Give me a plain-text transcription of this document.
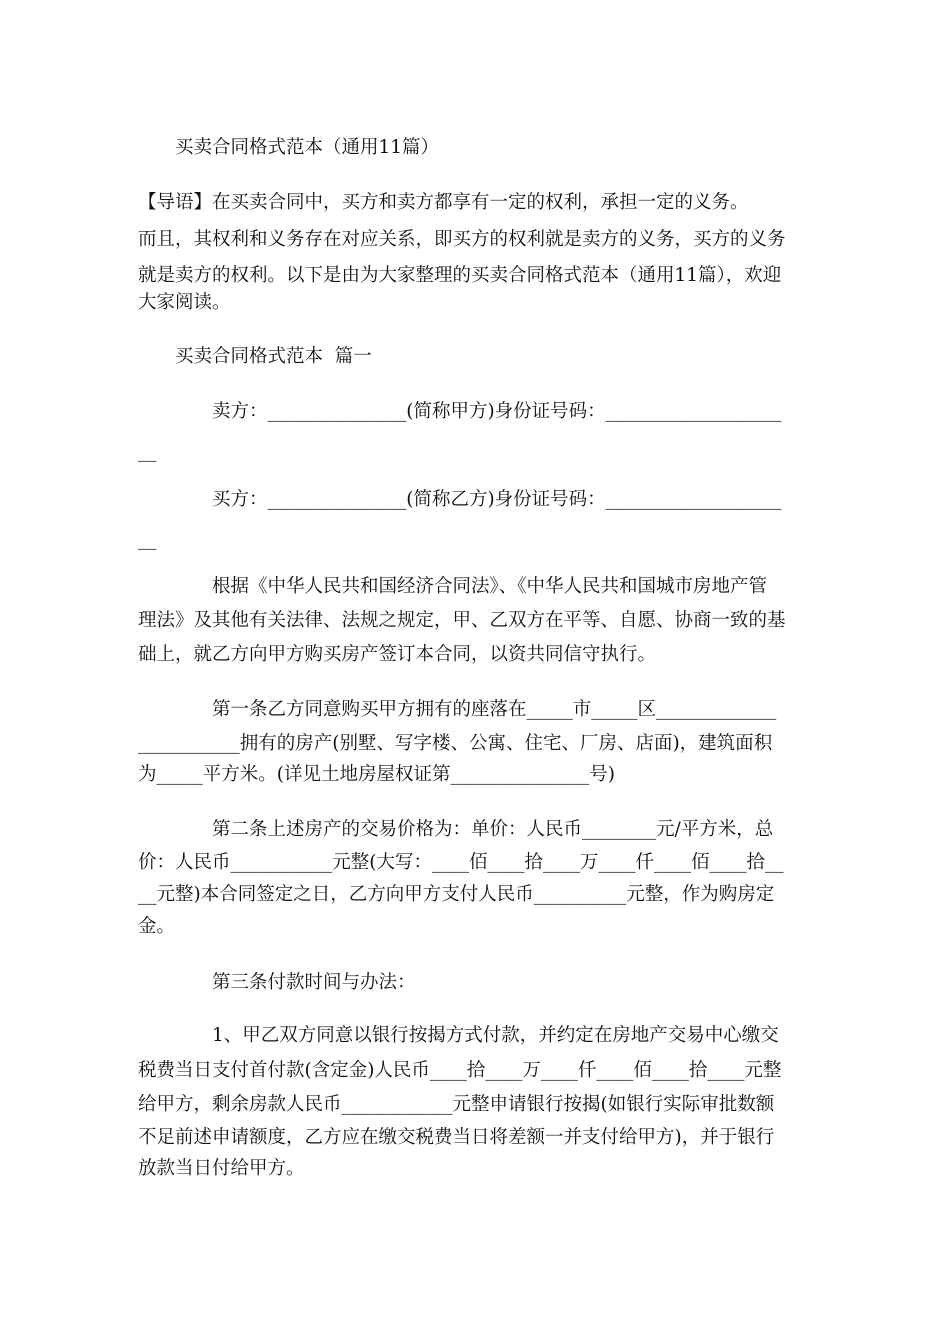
买卖合同格式范本（通用11篇）
【导语】在买卖合同中，买方和卖方都享有一定的权利，承担一定的义务。
而且，其权利和义务存在对应关系，即买方的权利就是卖方的义务，买方的义务
就是卖方的权利。以下是由为大家整理的买卖合同格式范本（通用11篇），欢迎
大家阅读。
买卖合同格式范本  篇一
卖方：_______________(简称甲方)身份证号码：___________________
__
买方：_______________(简称乙方)身份证号码：___________________
__
根据《中华人民共和国经济合同法》、《中华人民共和国城市房地产管
理法》及其他有关法律、法规之规定，甲、乙双方在平等、自愿、协商一致的基
础上，就乙方向甲方购买房产签订本合同，以资共同信守执行。
第一条乙方同意购买甲方拥有的座落在_____市_____区_____________
___________拥有的房产(别墅、写字楼、公寓、住宅、厂房、店面)，建筑面积
为_____平方米。(详见土地房屋权证第_______________号)
第二条上述房产的交易价格为：单价：人民币________元/平方米，总
价：人民币___________元整(大写：____佰____拾____万____仟____佰____拾__
__元整)本合同签定之日，乙方向甲方支付人民币__________元整，作为购房定
金。
第三条付款时间与办法：
1、甲乙双方同意以银行按揭方式付款，并约定在房地产交易中心缴交
税费当日支付首付款(含定金)人民币____拾____万____仟____佰____拾____元整
给甲方，剩余房款人民币____________元整申请银行按揭(如银行实际审批数额
不足前述申请额度，乙方应在缴交税费当日将差额一并支付给甲方)，并于银行
放款当日付给甲方。
